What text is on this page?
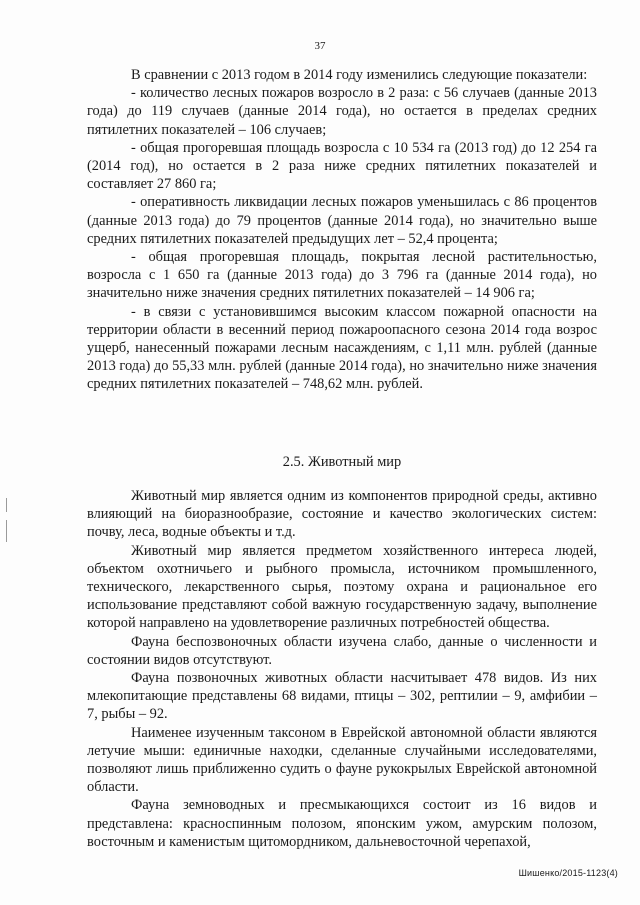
37

В сравнении с 2013 годом в 2014 году изменились следующие показатели:

- количество лесных пожаров возросло в 2 раза: с 56 случаев (данные 2013 года) до 119 случаев (данные 2014 года), но остается в пределах средних пятилетних показателей – 106 случаев;

- общая прогоревшая площадь возросла с 10 534 га (2013 год) до 12 254 га (2014 год), но остается в 2 раза ниже средних пятилетних показателей и составляет 27 860 га;

- оперативность ликвидации лесных пожаров уменьшилась с 86 процентов (данные 2013 года) до 79 процентов (данные 2014 года), но значительно выше средних пятилетних показателей предыдущих лет – 52,4 процента;

- общая прогоревшая площадь, покрытая лесной растительностью, возросла с 1 650 га (данные 2013 года) до 3 796 га (данные 2014 года), но значительно ниже значения средних пятилетних показателей – 14 906 га;

- в связи с установившимся высоким классом пожарной опасности на территории области в весенний период пожароопасного сезона 2014 года возрос ущерб, нанесенный пожарами лесным насаждениям, с 1,11 млн. рублей (данные 2013 года) до 55,33 млн. рублей (данные 2014 года), но значительно ниже значения средних пятилетних показателей – 748,62 млн. рублей.

2.5. Животный мир

Животный мир является одним из компонентов природной среды, активно влияющий на биоразнообразие, состояние и качество экологических систем: почву, леса, водные объекты и т.д.

Животный мир является предметом хозяйственного интереса людей, объектом охотничьего и рыбного промысла, источником промышленного, технического, лекарственного сырья, поэтому охрана и рациональное его использование представляют собой важную государственную задачу, выполнение которой направлено на удовлетворение различных потребностей общества.

Фауна беспозвоночных области изучена слабо, данные о численности и состоянии видов отсутствуют.

Фауна позвоночных животных области насчитывает 478 видов. Из них млекопитающие представлены 68 видами, птицы – 302, рептилии – 9, амфибии – 7, рыбы – 92.

Наименее изученным таксоном в Еврейской автономной области являются летучие мыши: единичные находки, сделанные случайными исследователями, позволяют лишь приближенно судить о фауне рукокрылых Еврейской автономной области.

Фауна земноводных и пресмыкающихся состоит из 16 видов и представлена: красноспинным полозом, японским ужом, амурским полозом, восточным и каменистым щитомордником, дальневосточной черепахой,

Шишенко/2015-1123(4)
